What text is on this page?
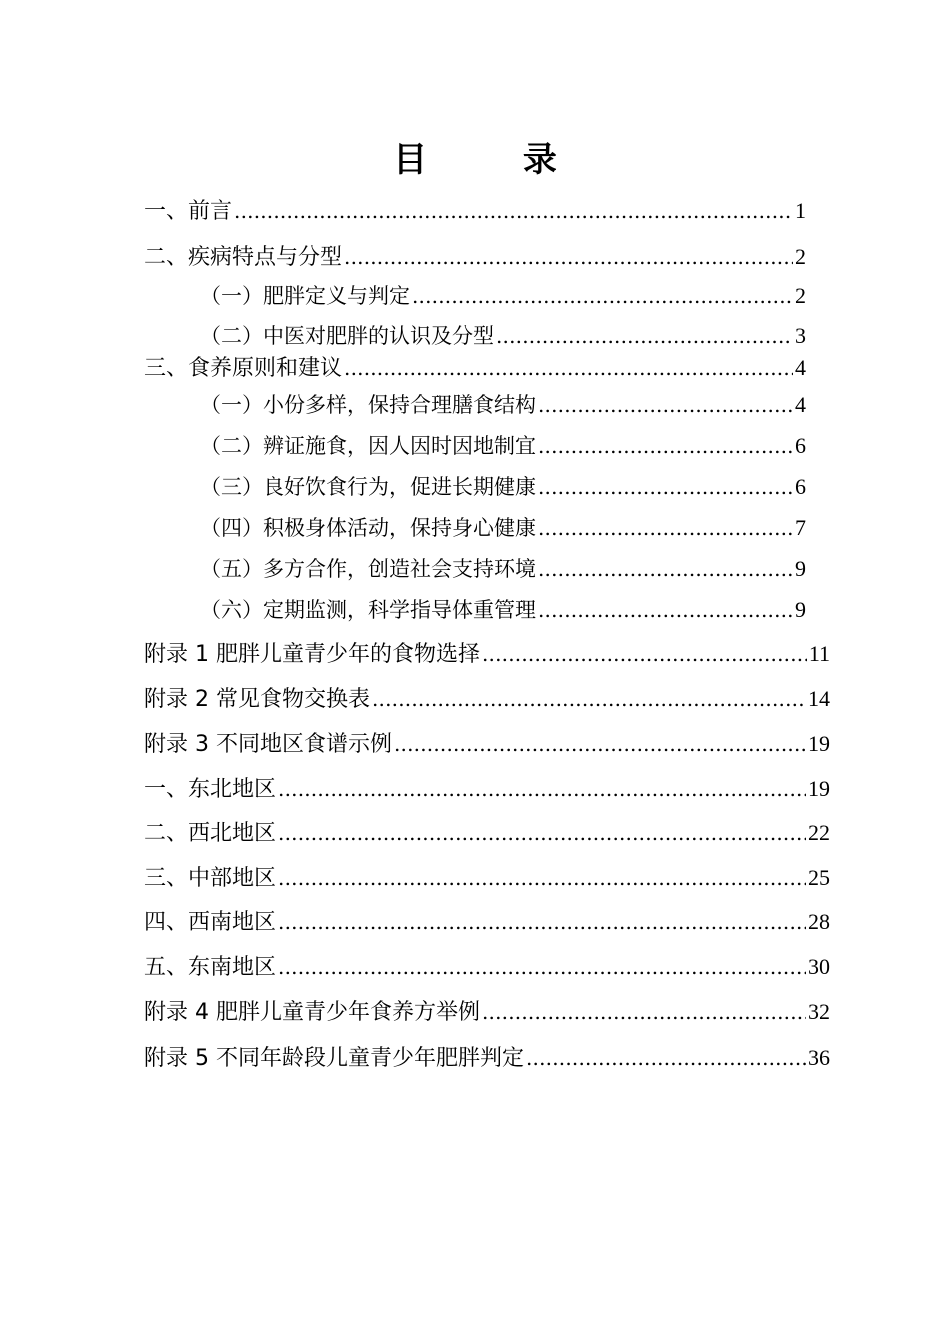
目 录
一、前言 .....	1
二、疾病特点与分型 .....	2
（一）肥胖定义与判定 .....	2
（二）中医对肥胖的认识及分型 .....	3
三、食养原则和建议 .....	4
（一）小份多样，保持合理膳食结构 .....	4
（二）辨证施食，因人因时因地制宜 .....	6
（三）良好饮食行为，促进长期健康 .....	6
（四）积极身体活动，保持身心健康 .....	7
（五）多方合作，创造社会支持环境 .....	9
（六）定期监测，科学指导体重管理 .....	9
附录 1 肥胖儿童青少年的食物选择 .....	11
附录 2 常见食物交换表 .....	14
附录 3 不同地区食谱示例 .....	19
一、东北地区 .....	19
二、西北地区 .....	22
三、中部地区 .....	25
四、西南地区 .....	28
五、东南地区 .....	30
附录 4 肥胖儿童青少年食养方举例 .....	32
附录 5 不同年龄段儿童青少年肥胖判定 .....	36
